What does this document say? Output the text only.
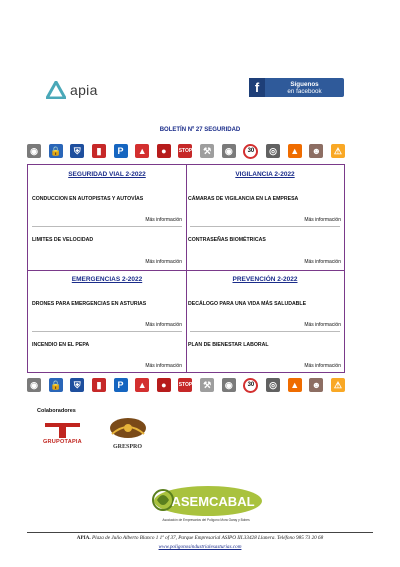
apia	f	Síguenos
en facebook
BOLETÍN Nº 27 SEGURIDAD
◉	🔒	⛨	▮	P	▲	●	STOP	⚒	◉	30	◎	▲ ☻	⚠
SEGURIDAD VIAL 2-2022
CONDUCCION EN AUTOPISTAS Y AUTOVÍAS
Más información
LIMITES DE VELOCIDAD
Más información
VIGILANCIA 2-2022
CÁMARAS DE VIGILANCIA EN LA EMPRESA
Más información
CONTRASEÑAS BIOMÉTRICAS
Más información
EMERGENCIAS 2-2022
DRONES PARA EMERGENCIAS EN ASTURIAS
Más información
INCENDIO EN EL PEPA
Más información
PREVENCIÓN 2-2022
DECÁLOGO PARA UNA VIDA MÁS SALUDABLE
Más información
PLAN DE BIENESTAR LABORAL
Más información
◉	🔒	⛨	▮	P	▲	●	STOP	⚒	◉	30	◎	▲ ☻	⚠
Colaboradores
GRUPOTAPIA
GRESPRO
ASEMCABAL
Asociación de Empresarios del Polígono Mora Garay y Bobes
APIA. Plaza de Julio Alberto Blanco 1 1º of 37, Parque Empresarial ASIPO III.33428 Llanera. Teléfono 985 73 20 68
www.poligonosindustrialesasturias.com
